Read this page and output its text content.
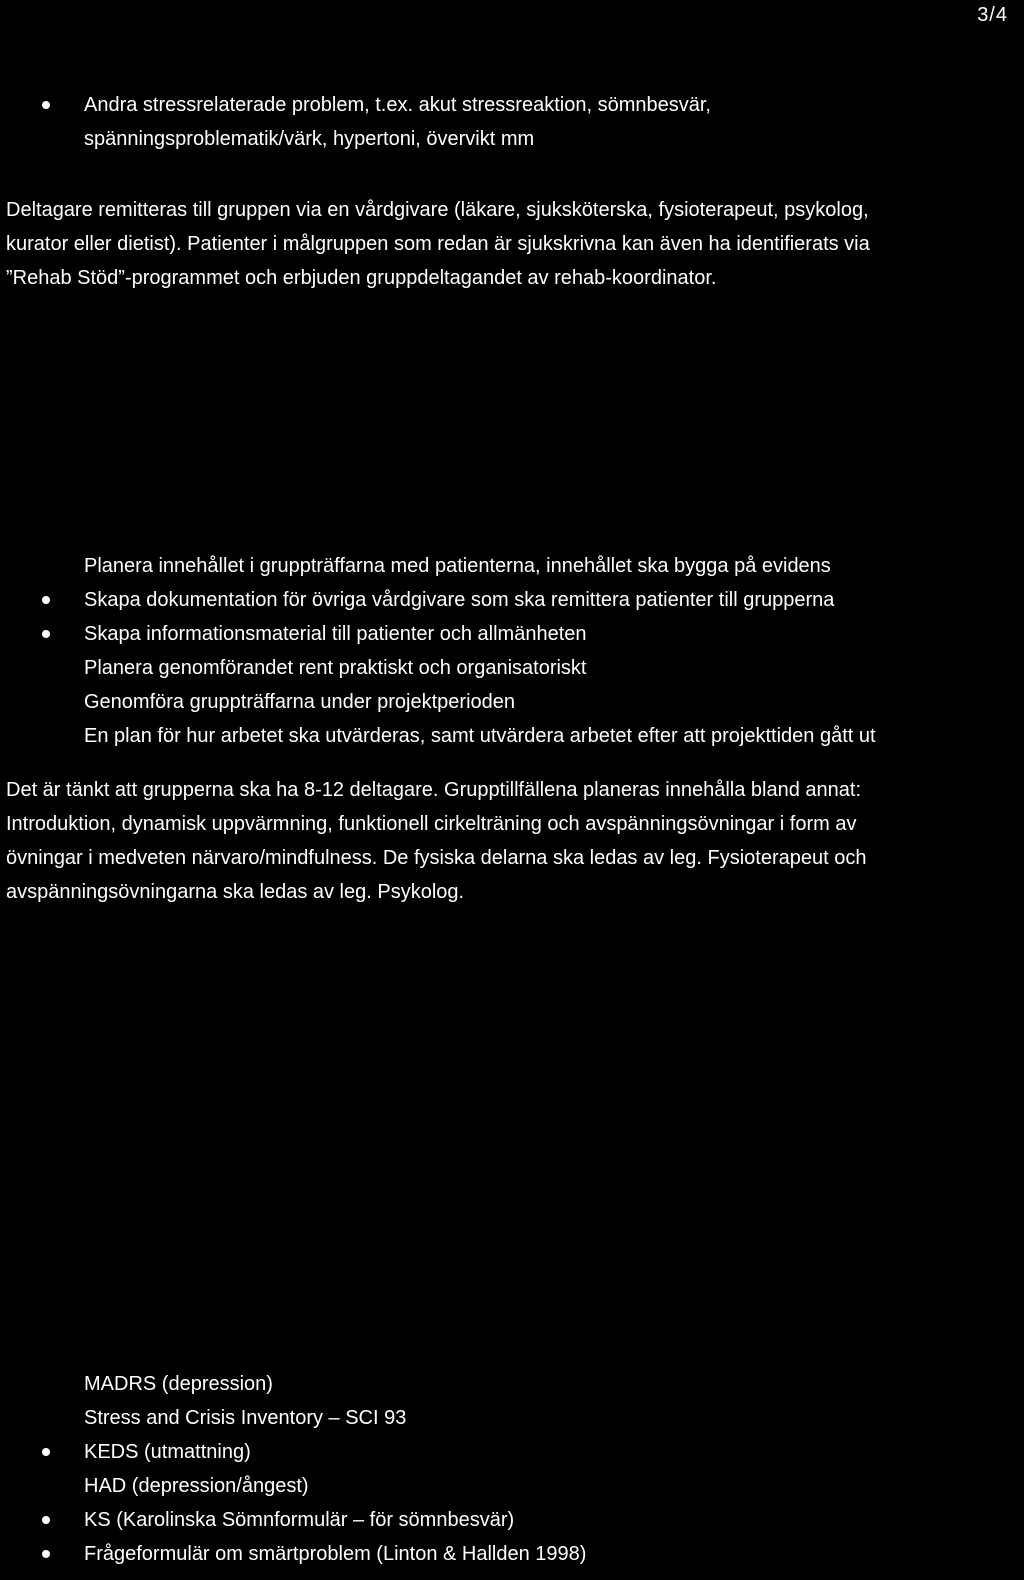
3/4
Andra stressrelaterade problem, t.ex. akut stressreaktion, sömnbesvär,
spänningsproblematik/värk, hypertoni, övervikt mm
Deltagare remitteras till gruppen via en vårdgivare (läkare, sjuksköterska, fysioterapeut, psykolog,
kurator eller dietist). Patienter i målgruppen som redan är sjukskrivna kan även ha identifierats via
”Rehab Stöd”-programmet och erbjuden gruppdeltagandet av rehab-koordinator.
Planera innehållet i gruppträffarna med patienterna, innehållet ska bygga på evidens
Skapa dokumentation för övriga vårdgivare som ska remittera patienter till grupperna
Skapa informationsmaterial till patienter och allmänheten
Planera genomförandet rent praktiskt och organisatoriskt
Genomföra gruppträffarna under projektperioden
En plan för hur arbetet ska utvärderas, samt utvärdera arbetet efter att projekttiden gått ut
Det är tänkt att grupperna ska ha 8-12 deltagare. Grupptillfällena planeras innehålla bland annat:
Introduktion, dynamisk uppvärmning, funktionell cirkelträning och avspänningsövningar i form av
övningar i medveten närvaro/mindfulness. De fysiska delarna ska ledas av leg. Fysioterapeut och
avspänningsövningarna ska ledas av leg. Psykolog.
MADRS (depression)
Stress and Crisis Inventory – SCI 93
KEDS (utmattning)
HAD (depression/ångest)
KS (Karolinska Sömnformulär – för sömnbesvär)
Frågeformulär om smärtproblem (Linton & Hallden 1998)
